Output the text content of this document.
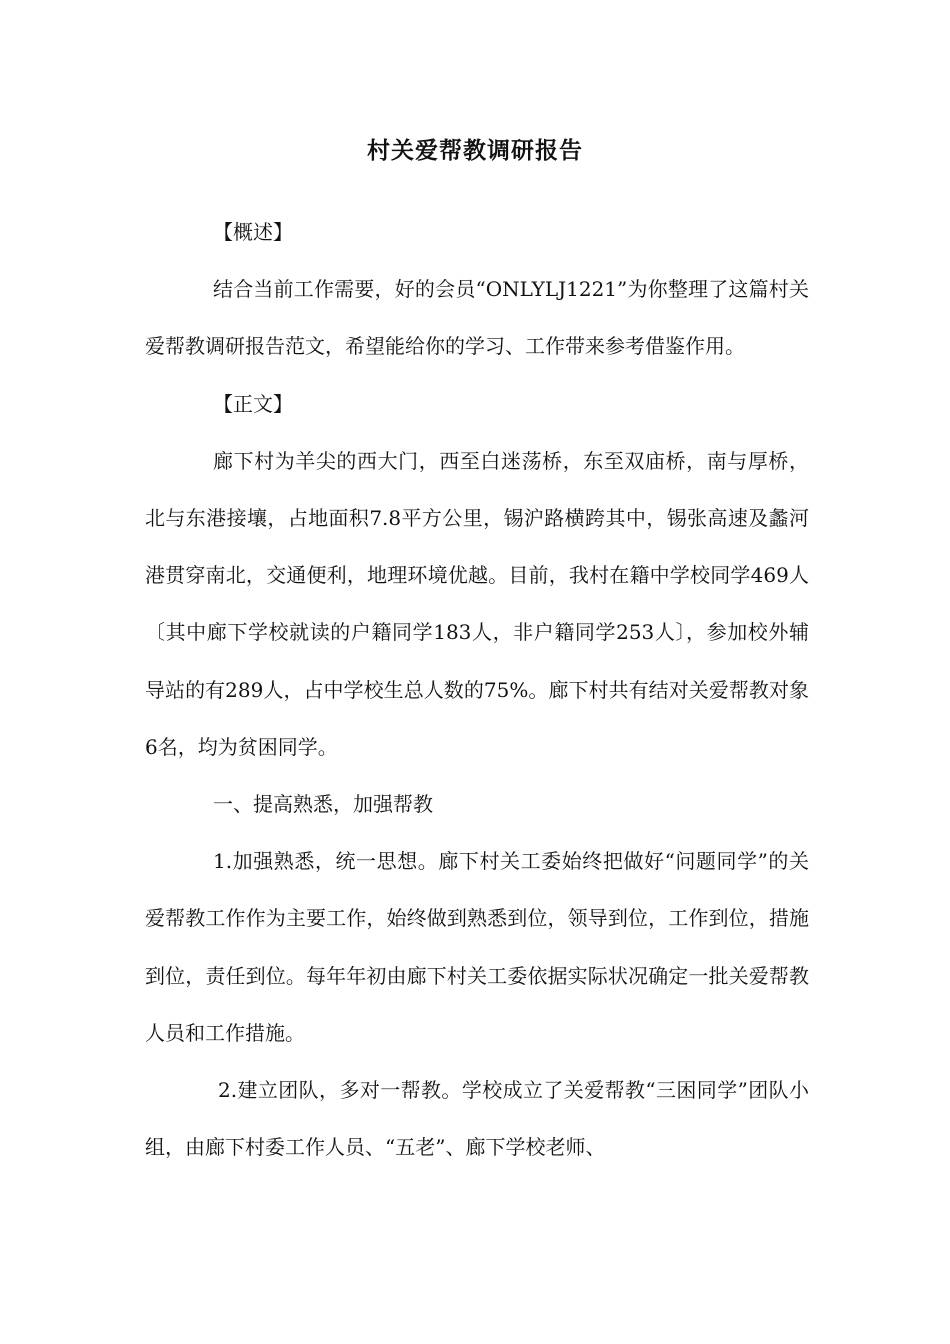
村关爱帮教调研报告

【概述】

结合当前工作需要，好的会员“ONLYLJ1221”为你整理了这篇村关爱帮教调研报告范文，希望能给你的学习、工作带来参考借鉴作用。

【正文】

廊下村为羊尖的西大门，西至白迷荡桥，东至双庙桥，南与厚桥，北与东港接壤，占地面积7.8平方公里，锡沪路横跨其中，锡张高速及蠡河港贯穿南北，交通便利，地理环境优越。目前，我村在籍中学校同学469人〔其中廊下学校就读的户籍同学183人，非户籍同学253人〕，参加校外辅导站的有289人，占中学校生总人数的75%。廊下村共有结对关爱帮教对象6名，均为贫困同学。

一、提高熟悉，加强帮教

1.加强熟悉，统一思想。廊下村关工委始终把做好“问题同学”的关爱帮教工作作为主要工作，始终做到熟悉到位，领导到位，工作到位，措施到位，责任到位。每年年初由廊下村关工委依据实际状况确定一批关爱帮教人员和工作措施。

2.建立团队，多对一帮教。学校成立了关爱帮教“三困同学”团队小组，由廊下村委工作人员、“五老”、廊下学校老师、
